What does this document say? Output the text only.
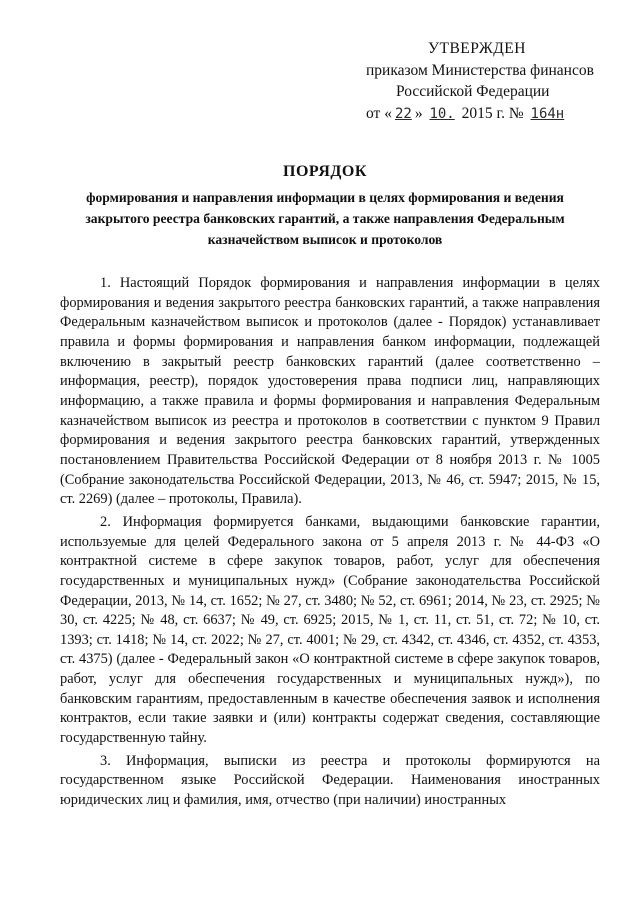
УТВЕРЖДЕН
приказом Министерства финансов
Российской Федерации
от « 22 » 10. 2015 г. № 164н
ПОРЯДОК
формирования и направления информации в целях формирования и ведения закрытого реестра банковских гарантий, а также направления Федеральным казначейством выписок и протоколов

1. Настоящий Порядок формирования и направления информации в целях формирования и ведения закрытого реестра банковских гарантий, а также направления Федеральным казначейством выписок и протоколов (далее - Порядок) устанавливает правила и формы формирования и направления банком информации, подлежащей включению в закрытый реестр банковских гарантий (далее соответственно – информация, реестр), порядок удостоверения права подписи лиц, направляющих информацию, а также правила и формы формирования и направления Федеральным казначейством выписок из реестра и протоколов в соответствии с пунктом 9 Правил формирования и ведения закрытого реестра банковских гарантий, утвержденных постановлением Правительства Российской Федерации от 8 ноября 2013 г. № 1005 (Собрание законодательства Российской Федерации, 2013, № 46, ст. 5947; 2015, № 15, ст. 2269) (далее – протоколы, Правила).

2. Информация формируется банками, выдающими банковские гарантии, используемые для целей Федерального закона от 5 апреля 2013 г. № 44-ФЗ «О контрактной системе в сфере закупок товаров, работ, услуг для обеспечения государственных и муниципальных нужд» (Собрание законодательства Российской Федерации, 2013, № 14, ст. 1652; № 27, ст. 3480; № 52, ст. 6961; 2014, № 23, ст. 2925; № 30, ст. 4225; № 48, ст. 6637; № 49, ст. 6925; 2015, № 1, ст. 11, ст. 51, ст. 72; № 10, ст. 1393; ст. 1418; № 14, ст. 2022; № 27, ст. 4001; № 29, ст. 4342, ст. 4346, ст. 4352, ст. 4353, ст. 4375) (далее - Федеральный закон «О контрактной системе в сфере закупок товаров, работ, услуг для обеспечения государственных и муниципальных нужд»), по банковским гарантиям, предоставленным в качестве обеспечения заявок и исполнения контрактов, если такие заявки и (или) контракты содержат сведения, составляющие государственную тайну.

3. Информация, выписки из реестра и протоколы формируются на государственном языке Российской Федерации. Наименования иностранных юридических лиц и фамилия, имя, отчество (при наличии) иностранных
